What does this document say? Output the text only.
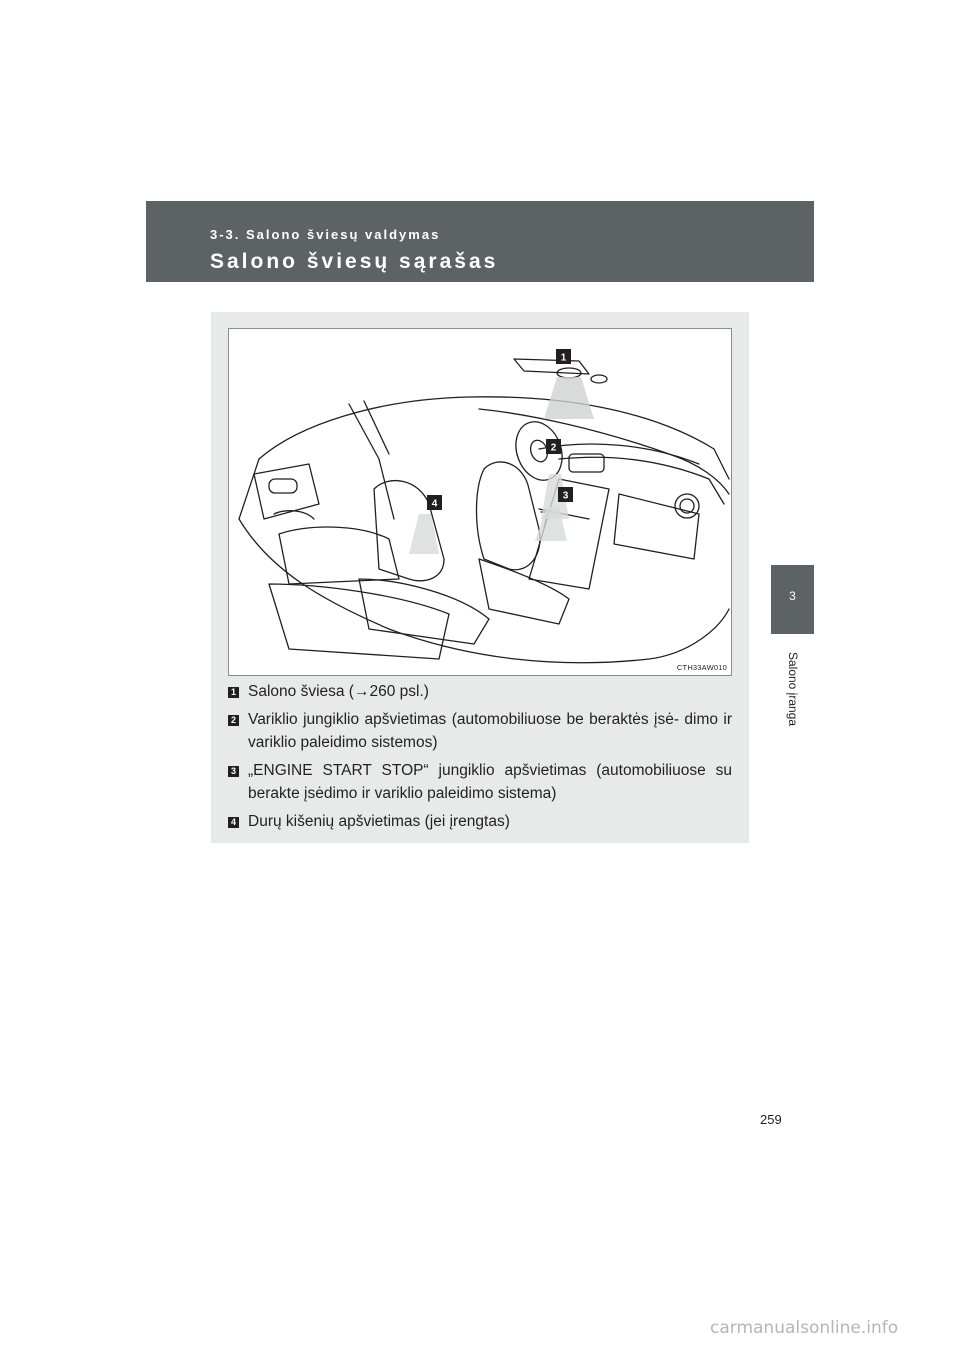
3-3. Salono šviesų valdymas
Salono šviesų sąrašas
3
Salono įranga
1
2
3
4
CTH33AW010
1 Salono šviesa (→260 psl.)
2 Variklio jungiklio apšvietimas (automobiliuose be beraktės įsė- dimo ir variklio paleidimo sistemos)
3 „ENGINE START STOP“ jungiklio apšvietimas (automobiliuose su berakte įsėdimo ir variklio paleidimo sistema)
4 Durų kišenių apšvietimas (jei įrengtas)
259
carmanualsonline.info
